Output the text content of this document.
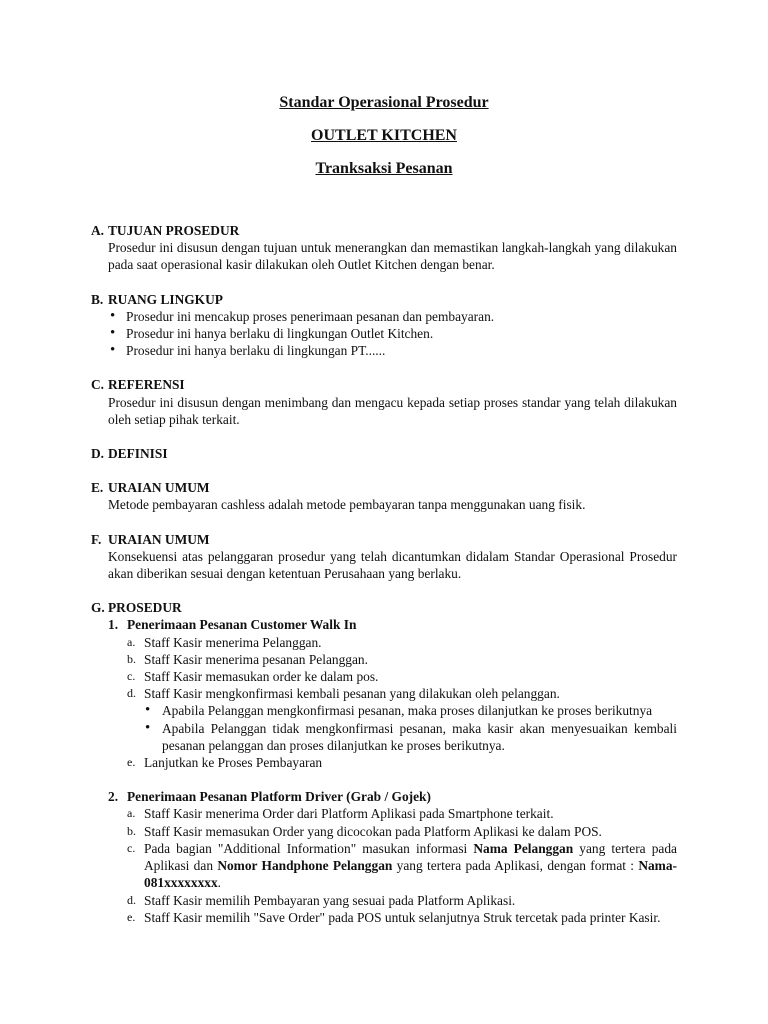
Standar Operasional Prosedur
OUTLET KITCHEN
Tranksaksi Pesanan
A. TUJUAN PROSEDUR
Prosedur ini disusun dengan tujuan untuk menerangkan dan memastikan langkah-langkah yang dilakukan pada saat operasional kasir dilakukan oleh Outlet Kitchen dengan benar.
B. RUANG LINGKUP
• Prosedur ini mencakup proses penerimaan pesanan dan pembayaran.
• Prosedur ini hanya berlaku di lingkungan Outlet Kitchen.
• Prosedur ini hanya berlaku di lingkungan PT......
C. REFERENSI
Prosedur ini disusun dengan menimbang dan mengacu kepada setiap proses standar yang telah dilakukan oleh setiap pihak terkait.
D. DEFINISI
E. URAIAN UMUM
Metode pembayaran cashless adalah metode pembayaran tanpa menggunakan uang fisik.
F. URAIAN UMUM
Konsekuensi atas pelanggaran prosedur yang telah dicantumkan didalam Standar Operasional Prosedur akan diberikan sesuai dengan ketentuan Perusahaan yang berlaku.
G. PROSEDUR
1. Penerimaan Pesanan Customer Walk In
a. Staff Kasir menerima Pelanggan.
b. Staff Kasir menerima pesanan Pelanggan.
c. Staff Kasir memasukan order ke dalam pos.
d. Staff Kasir mengkonfirmasi kembali pesanan yang dilakukan oleh pelanggan.
• Apabila Pelanggan mengkonfirmasi pesanan, maka proses dilanjutkan ke proses berikutnya
• Apabila Pelanggan tidak mengkonfirmasi pesanan, maka kasir akan menyesuaikan kembali pesanan pelanggan dan proses dilanjutkan ke proses berikutnya.
e. Lanjutkan ke Proses Pembayaran
2. Penerimaan Pesanan Platform Driver (Grab / Gojek)
a. Staff Kasir menerima Order dari Platform Aplikasi pada Smartphone terkait.
b. Staff Kasir memasukan Order yang dicocokan pada Platform Aplikasi ke dalam POS.
c. Pada bagian "Additional Information" masukan informasi Nama Pelanggan yang tertera pada Aplikasi dan Nomor Handphone Pelanggan yang tertera pada Aplikasi, dengan format : Nama- 081xxxxxxxx.
d. Staff Kasir memilih Pembayaran yang sesuai pada Platform Aplikasi.
e. Staff Kasir memilih "Save Order" pada POS untuk selanjutnya Struk tercetak pada printer Kasir.
